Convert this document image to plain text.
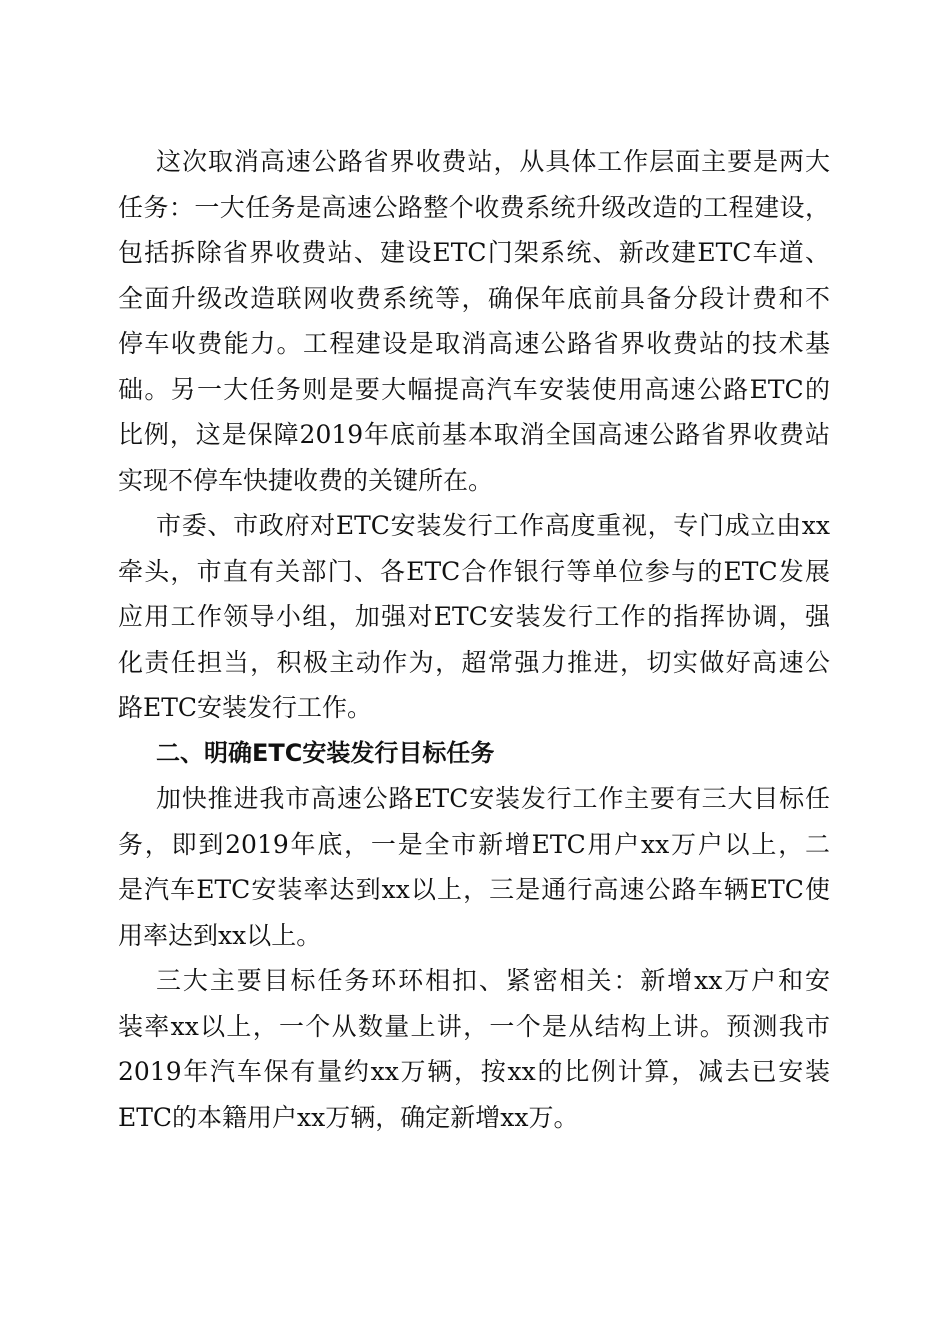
这次取消高速公路省界收费站，从具体工作层面主要是两大
任务：一大任务是高速公路整个收费系统升级改造的工程建设，
包括拆除省界收费站、建设ETC门架系统、新改建ETC车道、
全面升级改造联网收费系统等，确保年底前具备分段计费和不
停车收费能力。工程建设是取消高速公路省界收费站的技术基
础。另一大任务则是要大幅提高汽车安装使用高速公路ETC的
比例，这是保障2019年底前基本取消全国高速公路省界收费站
实现不停车快捷收费的关键所在。
市委、市政府对ETC安装发行工作高度重视，专门成立由xx
牵头，市直有关部门、各ETC合作银行等单位参与的ETC发展
应用工作领导小组，加强对ETC安装发行工作的指挥协调，强
化责任担当，积极主动作为，超常强力推进，切实做好高速公
路ETC安装发行工作。
二、明确ETC安装发行目标任务
加快推进我市高速公路ETC安装发行工作主要有三大目标任
务，即到2019年底，一是全市新增ETC用户xx万户以上，二
是汽车ETC安装率达到xx以上，三是通行高速公路车辆ETC使
用率达到xx以上。
三大主要目标任务环环相扣、紧密相关：新增xx万户和安
装率xx以上，一个从数量上讲，一个是从结构上讲。预测我市
2019年汽车保有量约xx万辆，按xx的比例计算，减去已安装
ETC的本籍用户xx万辆，确定新增xx万。
